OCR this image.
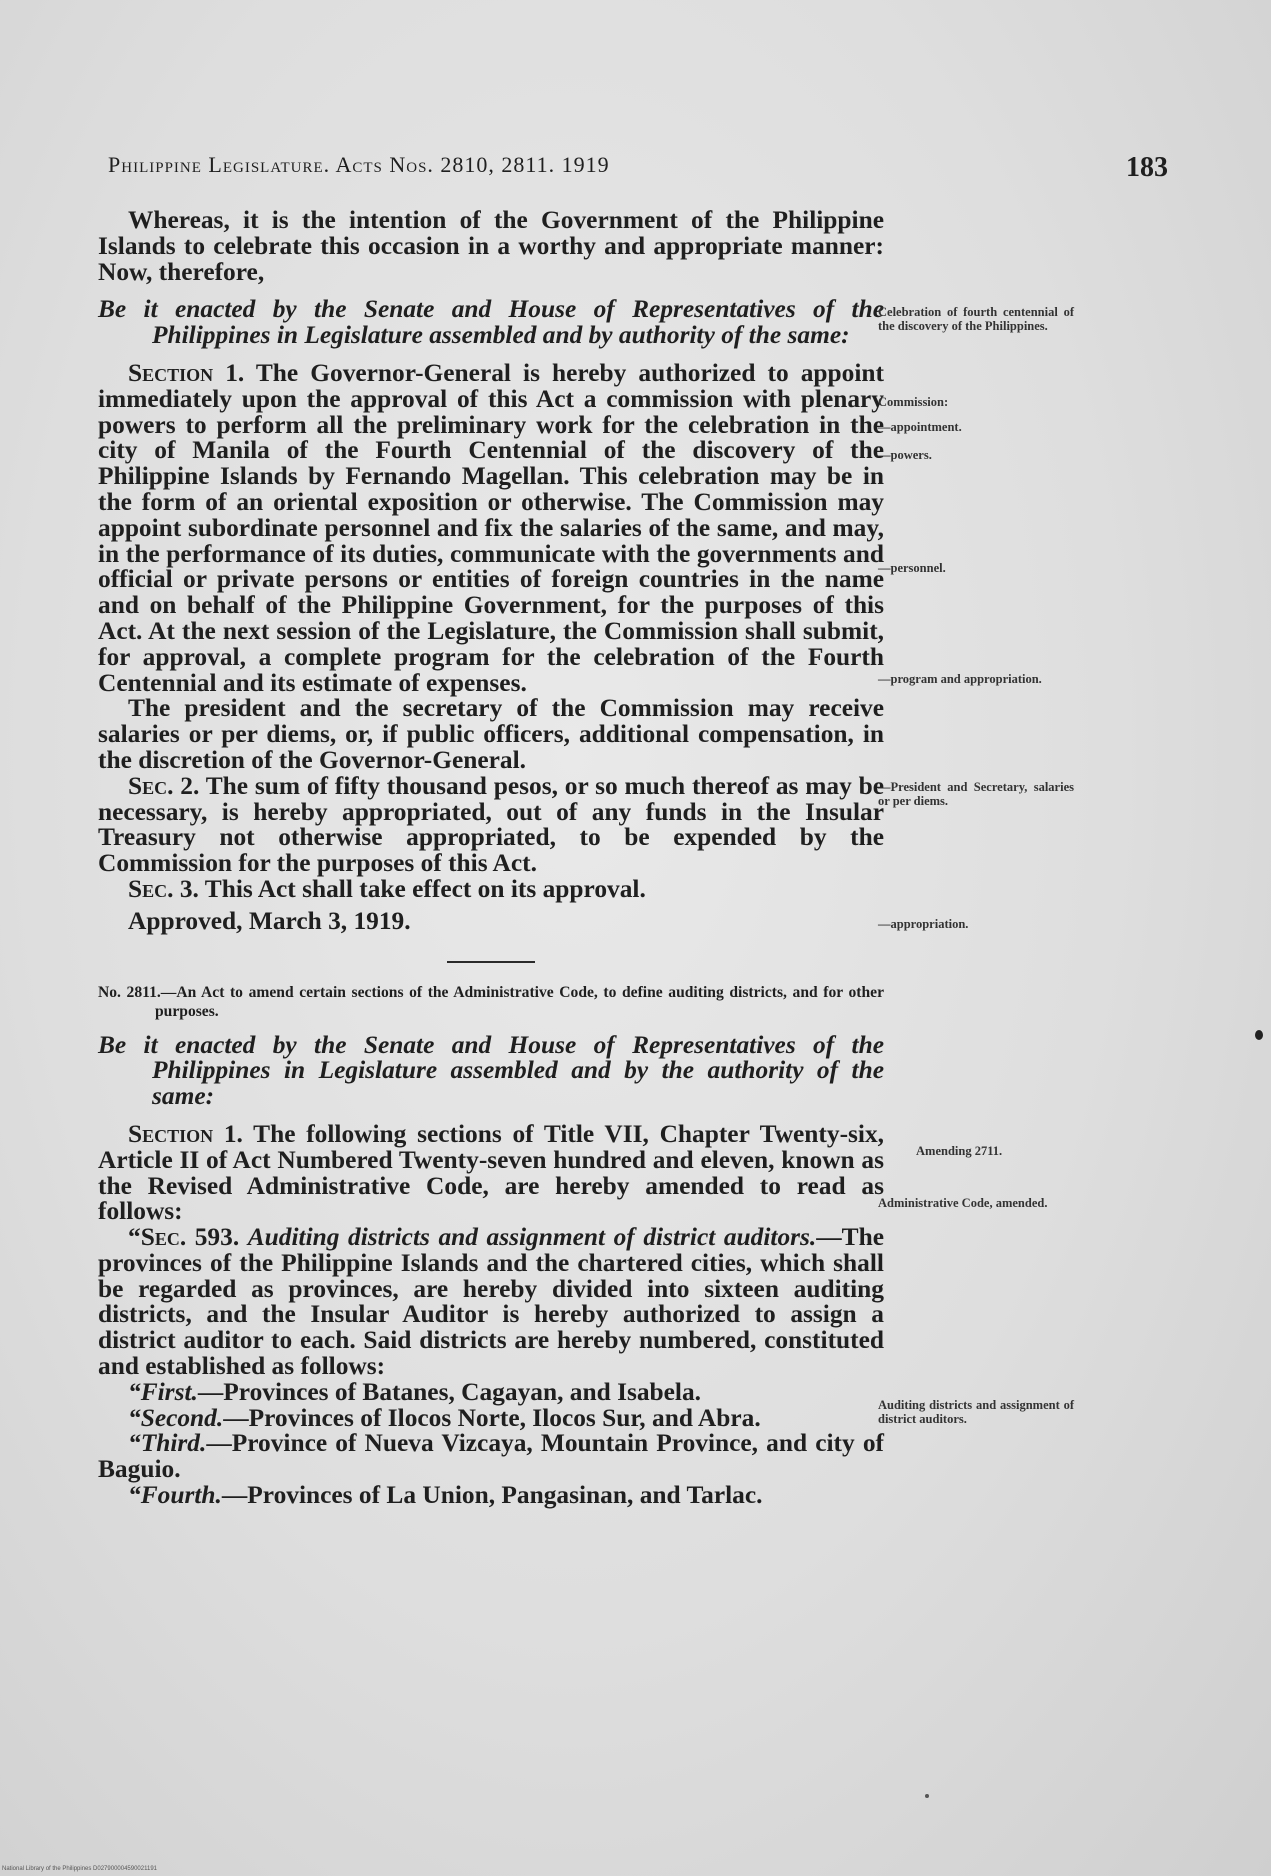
Philippine Legislature. Acts Nos. 2810, 2811. 1919	183

Whereas, it is the intention of the Government of the Philippine Islands to celebrate this occasion in a worthy and appropriate manner: Now, therefore,

Be it enacted by the Senate and House of Representatives of the Philippines in Legislature assembled and by authority of the same:

Section 1. The Governor-General is hereby authorized to appoint immediately upon the approval of this Act a commission with plenary powers to perform all the preliminary work for the celebration in the city of Manila of the Fourth Centennial of the discovery of the Philippine Islands by Fernando Magellan. This celebration may be in the form of an oriental exposition or otherwise. The Commission may appoint subordinate personnel and fix the salaries of the same, and may, in the performance of its duties, communicate with the governments and official or private persons or entities of foreign countries in the name and on behalf of the Philippine Government, for the purposes of this Act. At the next session of the Legislature, the Commission shall submit, for approval, a complete program for the celebration of the Fourth Centennial and its estimate of expenses.

The president and the secretary of the Commission may receive salaries or per diems, or, if public officers, additional compensation, in the discretion of the Governor-General.

Sec. 2. The sum of fifty thousand pesos, or so much thereof as may be necessary, is hereby appropriated, out of any funds in the Insular Treasury not otherwise appropriated, to be expended by the Commission for the purposes of this Act.

Sec. 3. This Act shall take effect on its approval.

Approved, March 3, 1919.

No. 2811.—An Act to amend certain sections of the Administrative Code, to define auditing districts, and for other purposes.

Be it enacted by the Senate and House of Representatives of the Philippines in Legislature assembled and by the authority of the same:

Section 1. The following sections of Title VII, Chapter Twenty-six, Article II of Act Numbered Twenty-seven hundred and eleven, known as the Revised Administrative Code, are hereby amended to read as follows:

“Sec. 593. Auditing districts and assignment of district auditors.—The provinces of the Philippine Islands and the chartered cities, which shall be regarded as provinces, are hereby divided into sixteen auditing districts, and the Insular Auditor is hereby authorized to assign a district auditor to each. Said districts are hereby numbered, constituted and established as follows:

“First.—Provinces of Batanes, Cagayan, and Isabela.

“Second.—Provinces of Ilocos Norte, Ilocos Sur, and Abra.

“Third.—Province of Nueva Vizcaya, Mountain Province, and city of Baguio.

“Fourth.—Provinces of La Union, Pangasinan, and Tarlac.

Celebration of fourth centennial of the discovery of the Philippines.
Commission:
—appointment.
—powers.
—personnel.
—program and appropriation.
—President and Secretary, salaries or per diems.
—appropriation.
Amending 2711.
Administrative Code, amended.
Auditing districts and assignment of district auditors.
National Library of the Philippines D027900004590021191
